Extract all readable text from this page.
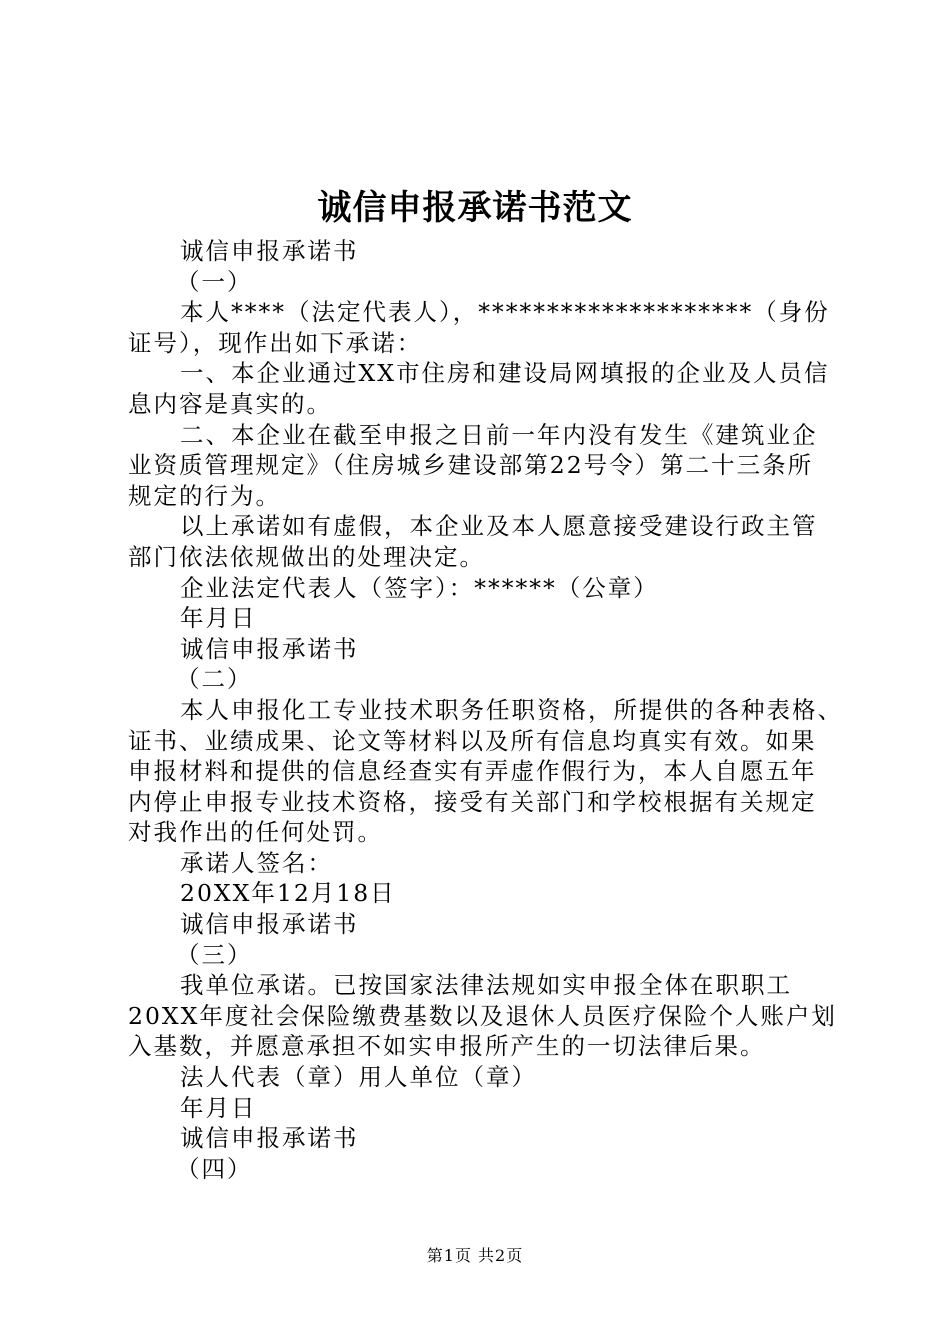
诚信申报承诺书范文
诚信申报承诺书
（一）
本人****（法定代表人），********************（身份
证号），现作出如下承诺：
一、本企业通过XX市住房和建设局网填报的企业及人员信
息内容是真实的。
二、本企业在截至申报之日前一年内没有发生《建筑业企
业资质管理规定》（住房城乡建设部第22号令）第二十三条所
规定的行为。
以上承诺如有虚假，本企业及本人愿意接受建设行政主管
部门依法依规做出的处理决定。
企业法定代表人（签字）：******（公章）
年月日
诚信申报承诺书
（二）
本人申报化工专业技术职务任职资格，所提供的各种表格、
证书、业绩成果、论文等材料以及所有信息均真实有效。如果
申报材料和提供的信息经查实有弄虚作假行为，本人自愿五年
内停止申报专业技术资格，接受有关部门和学校根据有关规定
对我作出的任何处罚。
承诺人签名：
20XX年12月18日
诚信申报承诺书
（三）
我单位承诺。已按国家法律法规如实申报全体在职职工
20XX年度社会保险缴费基数以及退休人员医疗保险个人账户划
入基数，并愿意承担不如实申报所产生的一切法律后果。
法人代表（章）用人单位（章）
年月日
诚信申报承诺书
（四）
第1页 共2页
